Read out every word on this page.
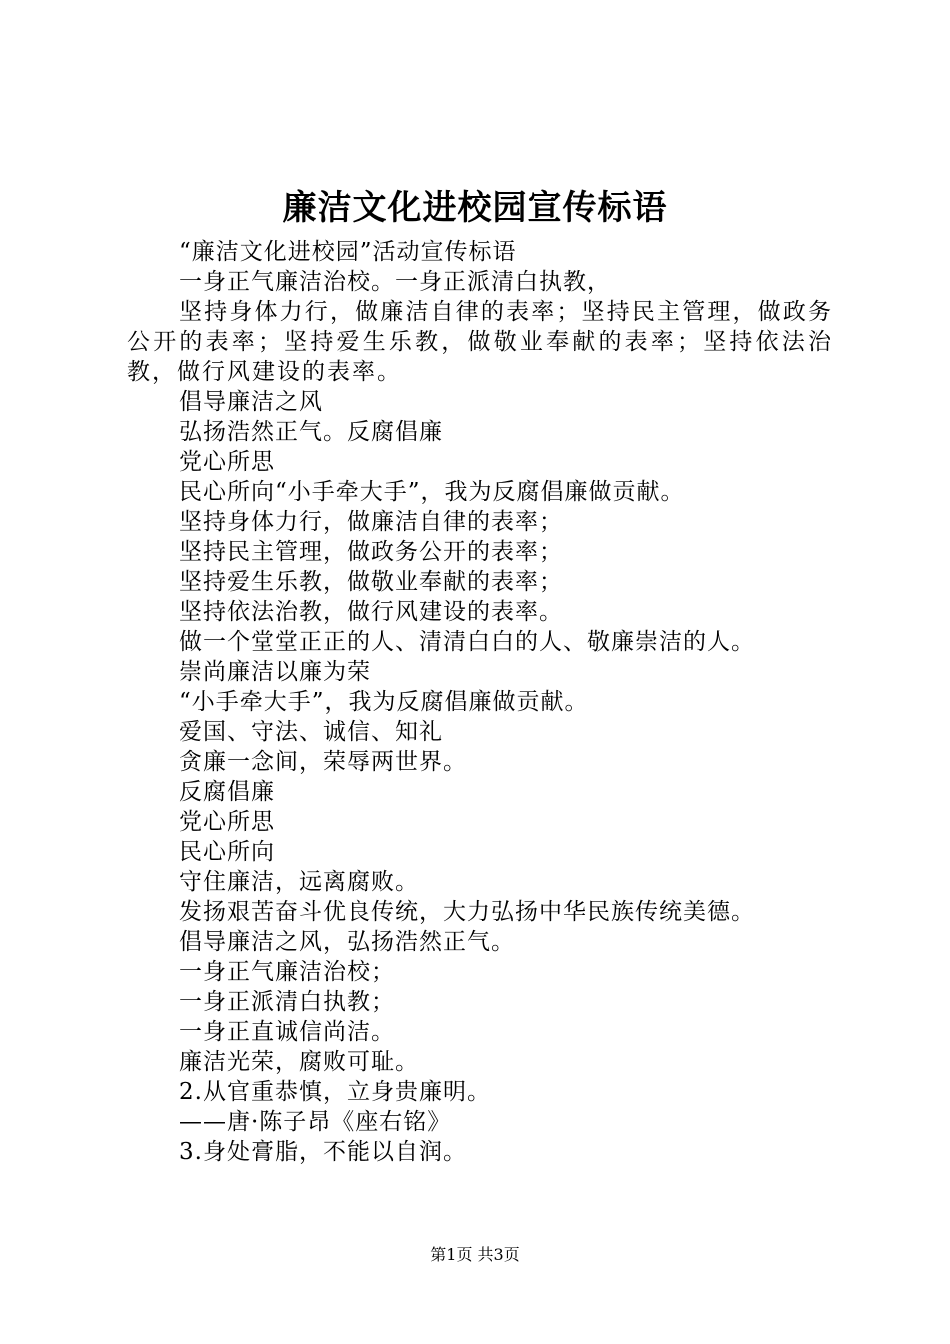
廉洁文化进校园宣传标语

“廉洁文化进校园”活动宣传标语

一身正气廉洁治校。一身正派清白执教，

坚持身体力行，做廉洁自律的表率；坚持民主管理，做政务公开的表率；坚持爱生乐教，做敬业奉献的表率；坚持依法治教，做行风建设的表率。

倡导廉洁之风

弘扬浩然正气。反腐倡廉

党心所思

民心所向“小手牵大手”，我为反腐倡廉做贡献。

坚持身体力行，做廉洁自律的表率；

坚持民主管理，做政务公开的表率；

坚持爱生乐教，做敬业奉献的表率；

坚持依法治教，做行风建设的表率。

做一个堂堂正正的人、清清白白的人、敬廉崇洁的人。

崇尚廉洁以廉为荣

“小手牵大手”，我为反腐倡廉做贡献。

爱国、守法、诚信、知礼

贪廉一念间，荣辱两世界。

反腐倡廉

党心所思

民心所向

守住廉洁，远离腐败。

发扬艰苦奋斗优良传统，大力弘扬中华民族传统美德。

倡导廉洁之风，弘扬浩然正气。

一身正气廉洁治校；

一身正派清白执教；

一身正直诚信尚洁。

廉洁光荣，腐败可耻。

2.从官重恭慎，立身贵廉明。

——唐·陈子昂《座右铭》

3.身处膏脂，不能以自润。

第1页 共3页
